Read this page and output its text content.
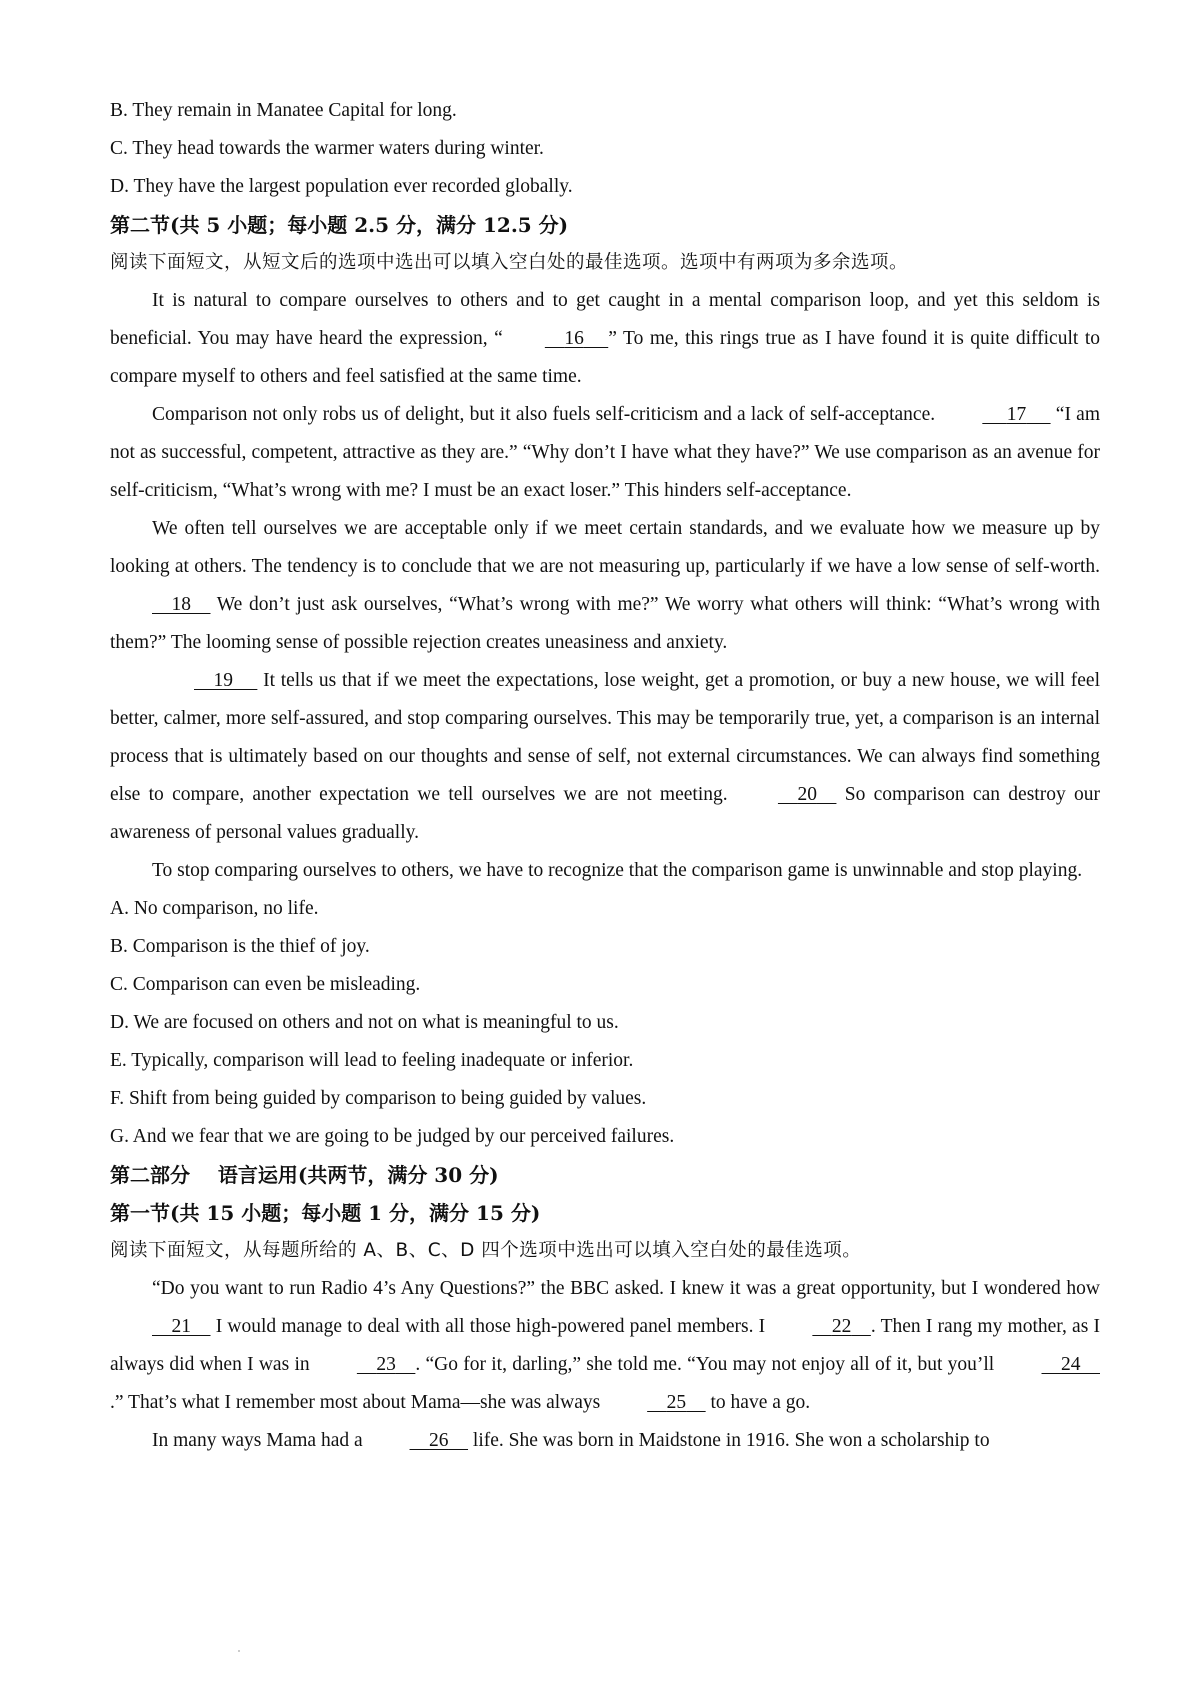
B. They remain in Manatee Capital for long.

C. They head towards the warmer waters during winter.

D. They have the largest population ever recorded globally.

第二节(共 5 小题；每小题 2.5 分，满分 12.5 分)

阅读下面短文，从短文后的选项中选出可以填入空白处的最佳选项。选项中有两项为多余选项。

It is natural to compare ourselves to others and to get caught in a mental comparison loop, and yet this seldom is beneficial. You may have heard the expression, “	16 ” To me, this rings true as I have found it is quite difficult to compare myself to others and feel satisfied at the same time.

Comparison not only robs us of delight, but it also fuels self-criticism and a lack of self-acceptance.	17      “I am not as successful, competent, attractive as they are.” “Why don’t I have what they have?” We use comparison as an avenue for self-criticism, “What’s wrong with me? I must be an exact loser.” This hinders self-acceptance.

We often tell ourselves we are acceptable only if we meet certain standards, and we evaluate how we measure up by looking at others. The tendency is to conclude that we are not measuring up, particularly if we have a low sense of self-worth.     18     We don’t just ask ourselves, “What’s wrong with me?” We worry what others will think: “What’s wrong with them?” The looming sense of possible rejection creates uneasiness and anxiety.

19      It tells us that if we meet the expectations, lose weight, get a promotion, or buy a new house, we will feel better, calmer, more self-assured, and stop comparing ourselves. This may be temporarily true, yet, a comparison is an internal process that is ultimately based on our thoughts and sense of self, not external circumstances. We can always find something else to compare, another expectation we tell ourselves we are not meeting.	20     So comparison can destroy our awareness of personal values gradually.

To stop comparing ourselves to others, we have to recognize that the comparison game is unwinnable and stop playing.

A. No comparison, no life.

B. Comparison is the thief of joy.

C. Comparison can even be misleading.

D. We are focused on others and not on what is meaningful to us.

E. Typically, comparison will lead to feeling inadequate or inferior.

F. Shift from being guided by comparison to being guided by values.

G. And we fear that we are going to be judged by our perceived failures.

第二部分    语言运用(共两节，满分 30 分)

第一节(共 15 小题；每小题 1 分，满分 15 分)

阅读下面短文，从每题所给的 A、B、C、D 四个选项中选出可以填入空白处的最佳选项。

“Do you want to run Radio 4’s Any Questions?” the BBC asked. I knew it was a great opportunity, but I wondered how     21     I would manage to deal with all those high-powered panel members. I	22 . Then I rang my mother, as I always did when I was in	23 . “Go for it, darling,” she told me. “You may not enjoy all of it, but you’ll	24    .” That’s what I remember most about Mama—she was always	25     to have a go.

In many ways Mama had a	26     life. She was born in Maidstone in 1916. She won a scholarship to
